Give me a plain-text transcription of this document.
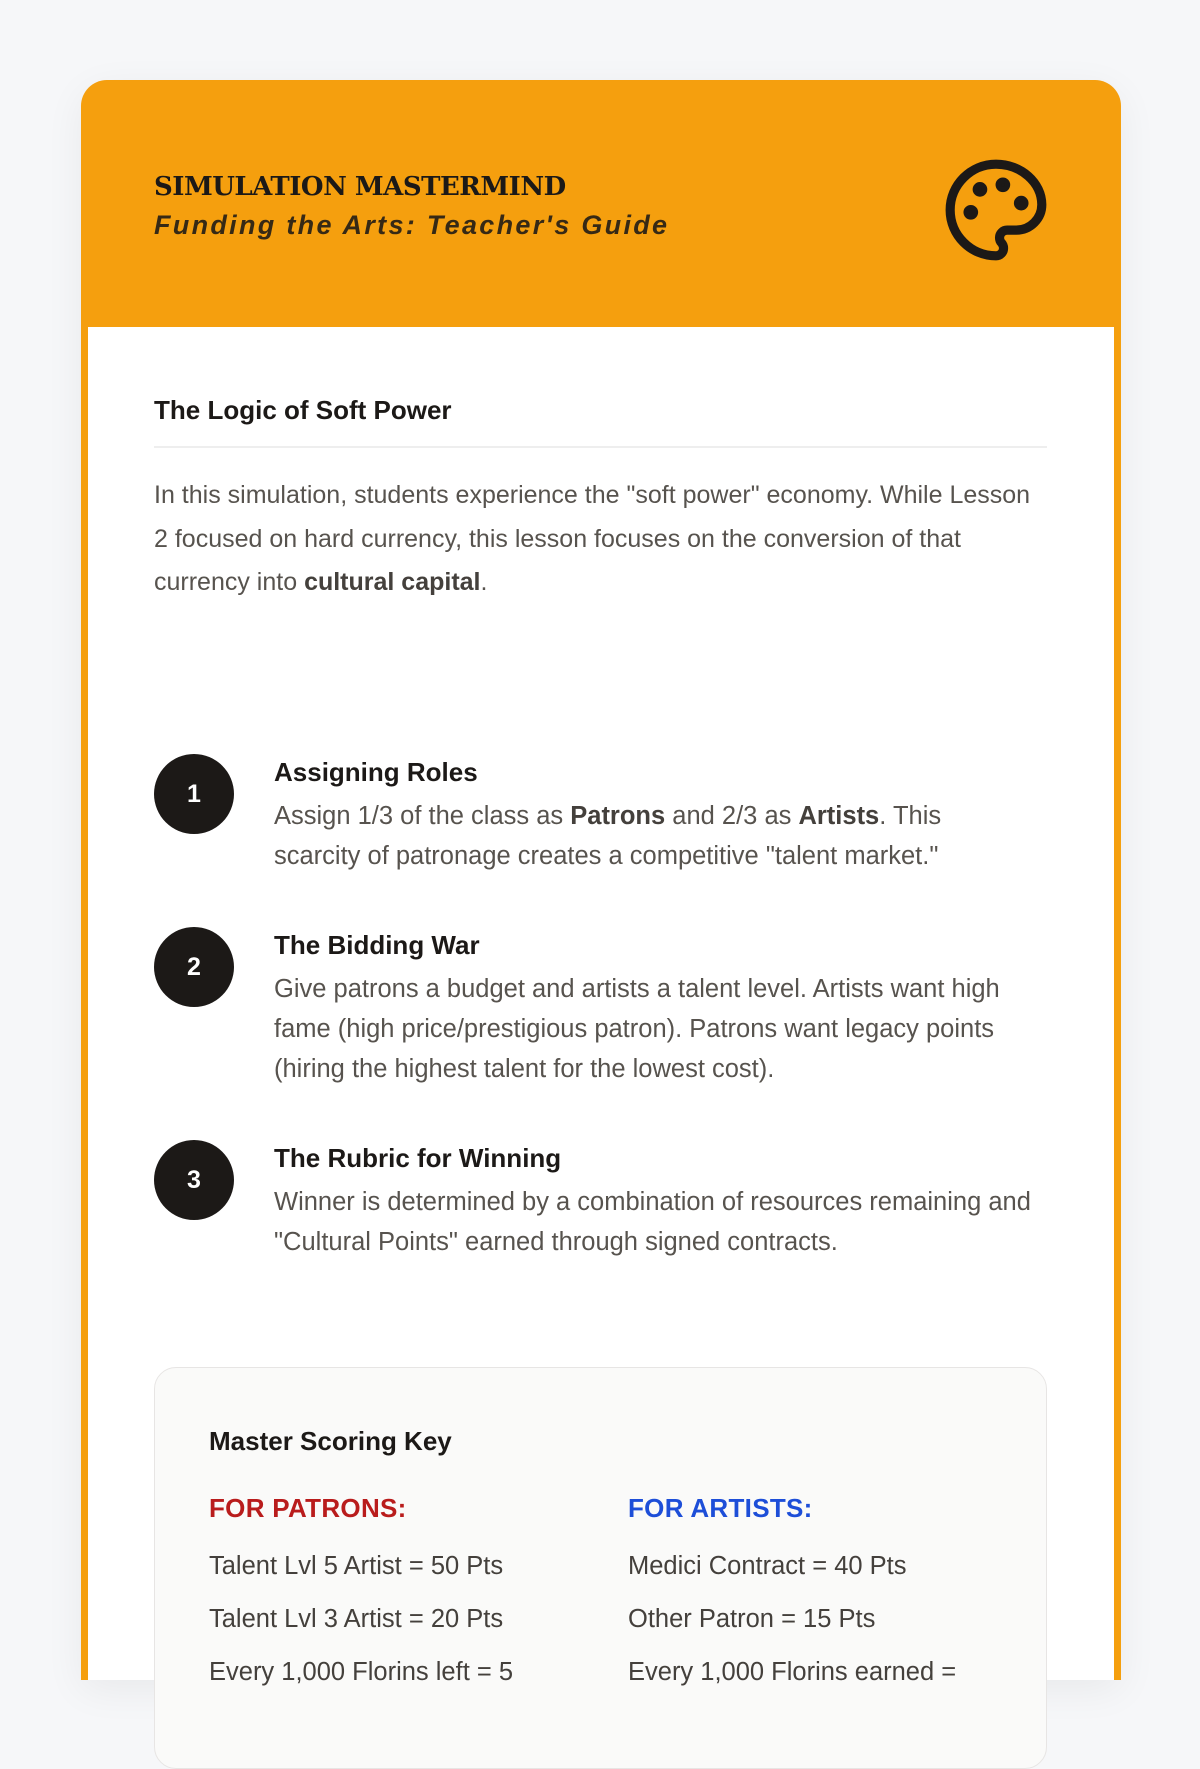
SIMULATION MASTERMIND
Funding the Arts: Teacher's Guide
The Logic of Soft Power

In this simulation, students experience the "soft power" economy. While Lesson 2 focused on hard currency, this lesson focuses on the conversion of that currency into cultural capital.

1
Assigning Roles
Assign 1/3 of the class as Patrons and 2/3 as Artists. This scarcity of patronage creates a competitive "talent market."
2
The Bidding War
Give patrons a budget and artists a talent level. Artists want high fame (high price/prestigious patron). Patrons want legacy points (hiring the highest talent for the lowest cost).
3
The Rubric for Winning
Winner is determined by a combination of resources remaining and "Cultural Points" earned through signed contracts.
Master Scoring Key
FOR PATRONS:	FOR ARTISTS:
Talent Lvl 5 Artist = 50 Pts
Talent Lvl 3 Artist = 20 Pts
Every 1,000 Florins left = 5
Medici Contract = 40 Pts
Other Patron = 15 Pts
Every 1,000 Florins earned =
